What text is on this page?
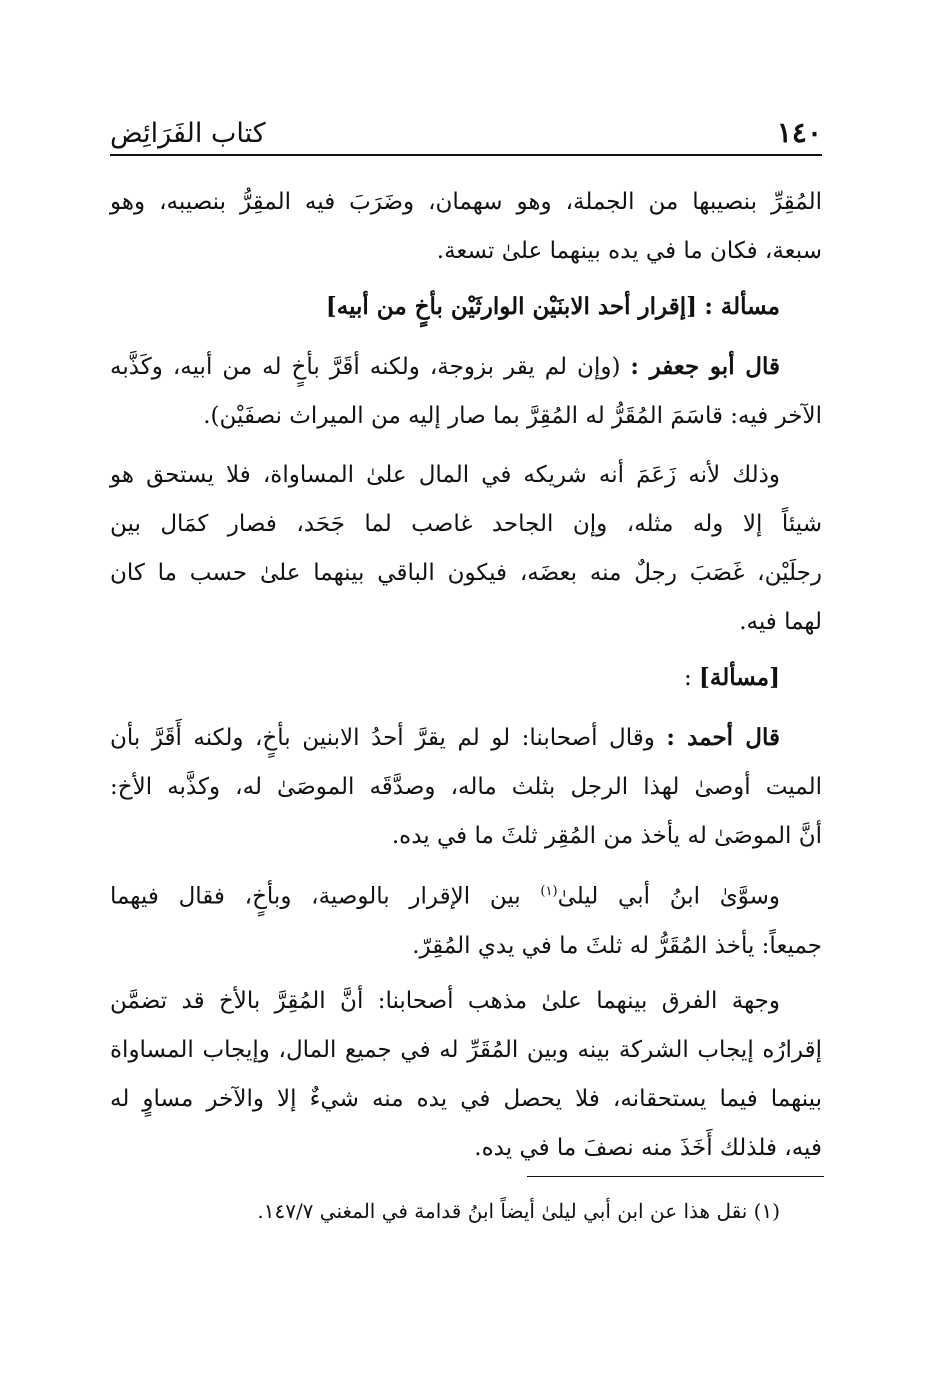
١٤٠
كتاب الفَرَائِض

المُقِرِّ بنصيبها من الجملة، وهو سهمان، وضَرَبَ فيه المقِرُّ بنصيبه، وهو

سبعة، فكان ما في يده بينهما علىٰ تسعة.

مسألة : [إقرار أحد الابنَيْن الوارثَيْن بأخٍ من أبيه]

قال أبو جعفر : (وإن لم يقر بزوجة، ولكنه أقَرَّ بأخٍ له من أبيه، وكَذَّبه

الآخر فيه: قاسَمَ المُقَرُّ له المُقِرَّ بما صار إليه من الميراث نصفَيْن).

وذلك لأنه زَعَمَ أنه شريكه في المال علىٰ المساواة، فلا يستحق هو

شيئاً إلا وله مثله، وإن الجاحد غاصب لما جَحَد، فصار كمَال بين

رجلَيْن، غَصَبَ رجلٌ منه بعضَه، فيكون الباقي بينهما علىٰ حسب ما كان

لهما فيه.

[مسألة] :

قال أحمد : وقال أصحابنا: لو لم يقرَّ أحدُ الابنين بأخٍ، ولكنه أَقَرَّ بأن

الميت أوصىٰ لهذا الرجل بثلث ماله، وصدَّقَه الموصَىٰ له، وكذَّبه الأخ:

أنَّ الموصَىٰ له يأخذ من المُقِر ثلثَ ما في يده.

وسوَّىٰ ابنُ أبي ليلىٰ$^{(١)}$ بين الإقرار بالوصية، وبأخٍ، فقال فيهما

جميعاً: يأخذ المُقَرُّ له ثلثَ ما في يدي المُقِرّ.

وجهة الفرق بينهما علىٰ مذهب أصحابنا: أنَّ المُقِرَّ بالأخ قد تضمَّن

إقرارُه إيجاب الشركة بينه وبين المُقَرِّ له في جميع المال، وإيجاب المساواة

بينهما فيما يستحقانه، فلا يحصل في يده منه شيءٌ إلا والآخر مساوٍ له

فيه، فلذلك أَخَذَ منه نصفَ ما في يده.

(١) نقل هذا عن ابن أبي ليلىٰ أيضاً ابنُ قدامة في المغني ١٤٧/٧.
